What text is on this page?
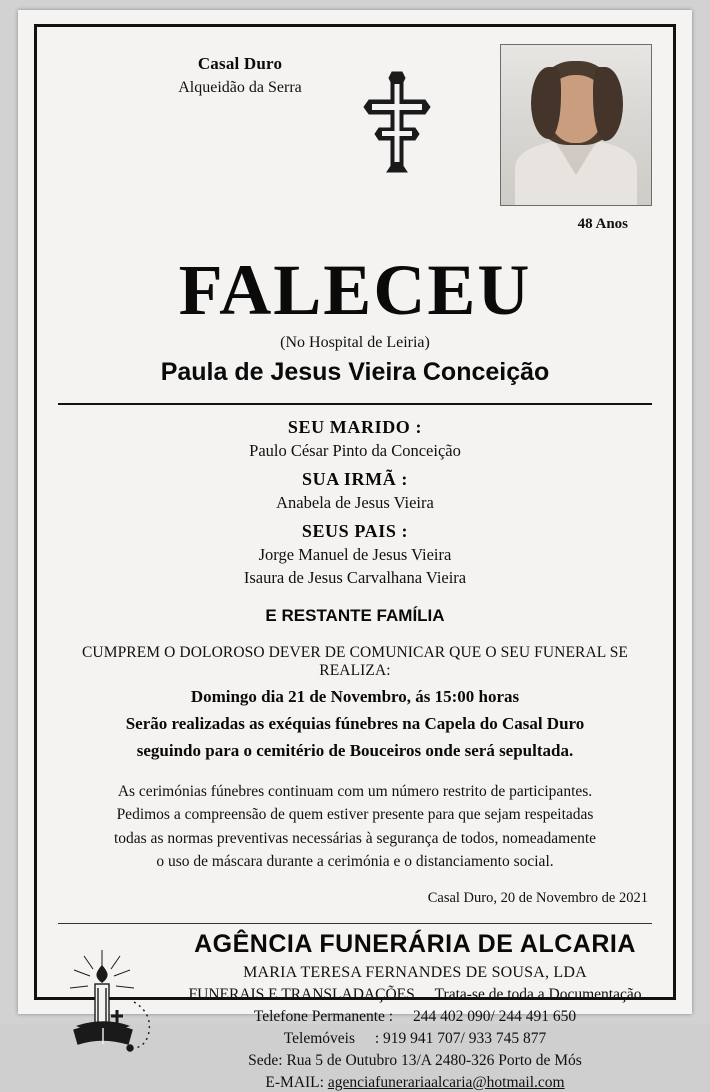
Casal Duro
Alqueidão da Serra
48 Anos
FALECEU
(No Hospital de Leiria)
Paula de Jesus Vieira Conceição
SEU MARIDO :
Paulo César Pinto da Conceição
SUA IRMÃ :
Anabela de Jesus Vieira
SEUS PAIS :
Jorge Manuel de Jesus Vieira
Isaura de Jesus Carvalhana Vieira
E RESTANTE FAMÍLIA
CUMPREM O DOLOROSO DEVER DE COMUNICAR QUE O SEU FUNERAL SE REALIZA:
Domingo dia 21 de Novembro, ás 15:00 horas
Serão realizadas as exéquias fúnebres na Capela do Casal Duro
seguindo para o cemitério de Bouceiros onde será sepultada.
As cerimónias fúnebres continuam com um número restrito de participantes.
Pedimos a compreensão de quem estiver presente para que sejam respeitadas
todas as normas preventivas necessárias à segurança de todos, nomeadamente
o uso de máscara durante a cerimónia e o distanciamento social.
Casal Duro, 20 de Novembro de 2021
AGÊNCIA FUNERÁRIA DE ALCARIA
MARIA TERESA FERNANDES DE SOUSA, LDA
FUNERAIS E TRANSLADAÇÕES Trata-se de toda a Documentação
Telefone Permanente : 244 402 090/ 244 491 650
Telemóveis : 919 941 707/ 933 745 877
Sede: Rua 5 de Outubro 13/A 2480-326 Porto de Mós
E-MAIL: agenciafunerariaalcaria@hotmail.com
